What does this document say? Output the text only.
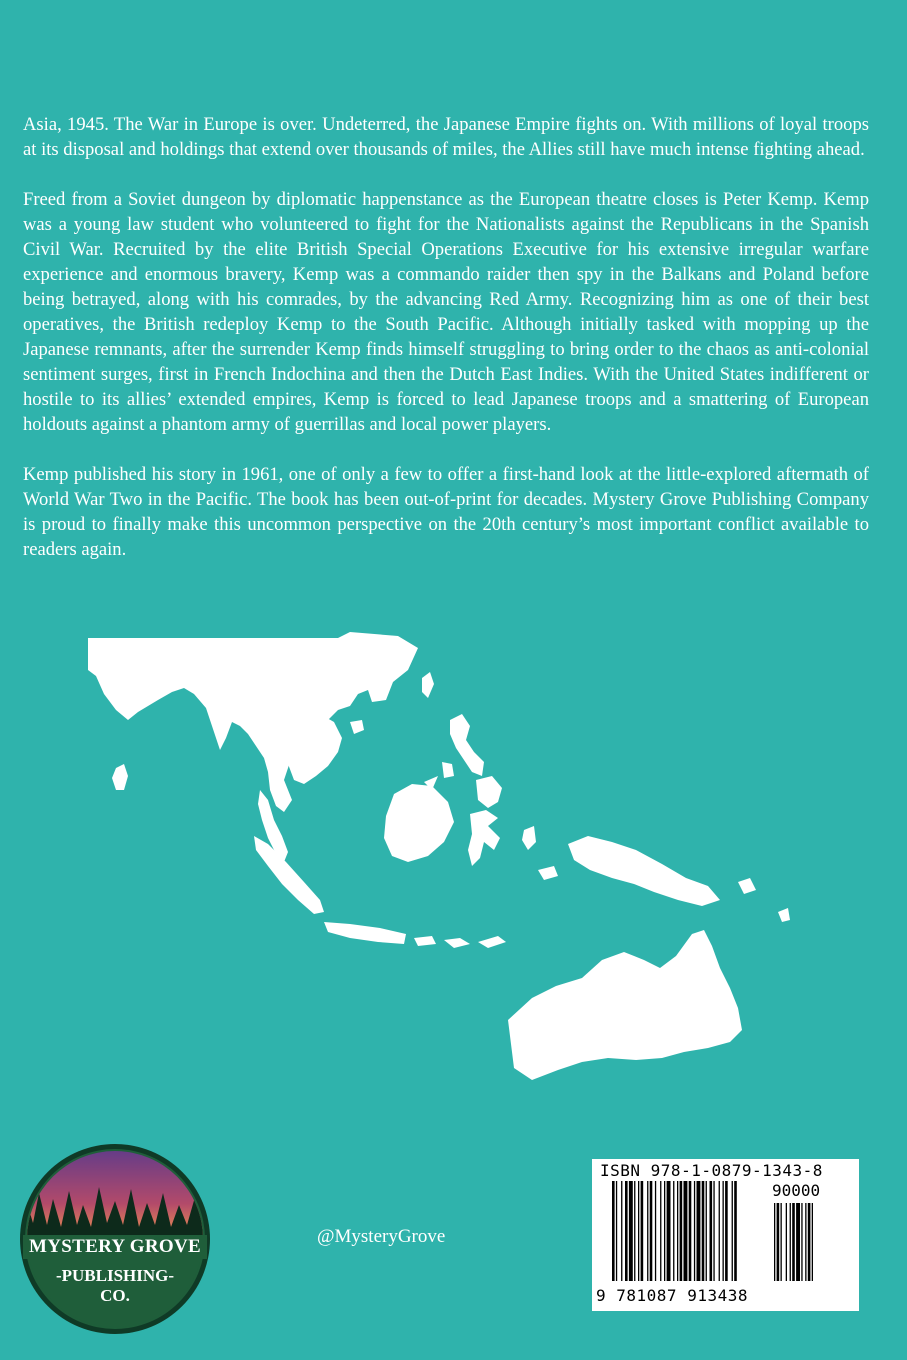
Asia, 1945. The War in Europe is over. Undeterred, the Japanese Empire fights on. With millions of loyal troops at its disposal and holdings that extend over thousands of miles, the Allies still have much intense fighting ahead.

Freed from a Soviet dungeon by diplomatic happenstance as the European theatre closes is Peter Kemp. Kemp was a young law student who volunteered to fight for the Nationalists against the Republicans in the Spanish Civil War. Recruited by the elite British Special Operations Executive for his extensive irregular warfare experience and enormous bravery, Kemp was a commando raider then spy in the Balkans and Poland before being betrayed, along with his comrades, by the advancing Red Army. Recognizing him as one of their best operatives, the British redeploy Kemp to the South Pacific. Although initially tasked with mopping up the Japanese remnants, after the surrender Kemp finds himself struggling to bring order to the chaos as anti-colonial sentiment surges, first in French Indochina and then the Dutch East Indies. With the United States indifferent or hostile to its allies’ extended empires, Kemp is forced to lead Japanese troops and a smattering of European holdouts against a phantom army of guerrillas and local power players.

Kemp published his story in 1961, one of only a few to offer a first-hand look at the little-explored aftermath of World War Two in the Pacific. The book has been out-of-print for decades. Mystery Grove Publishing Company is proud to finally make this uncommon perspective on the 20th century’s most important conflict available to readers again.

@MysteryGrove
MYSTERY GROVE
-PUBLISHING-
CO.
ISBN 978-1-0879-1343-8
90000
9 781087 913438
